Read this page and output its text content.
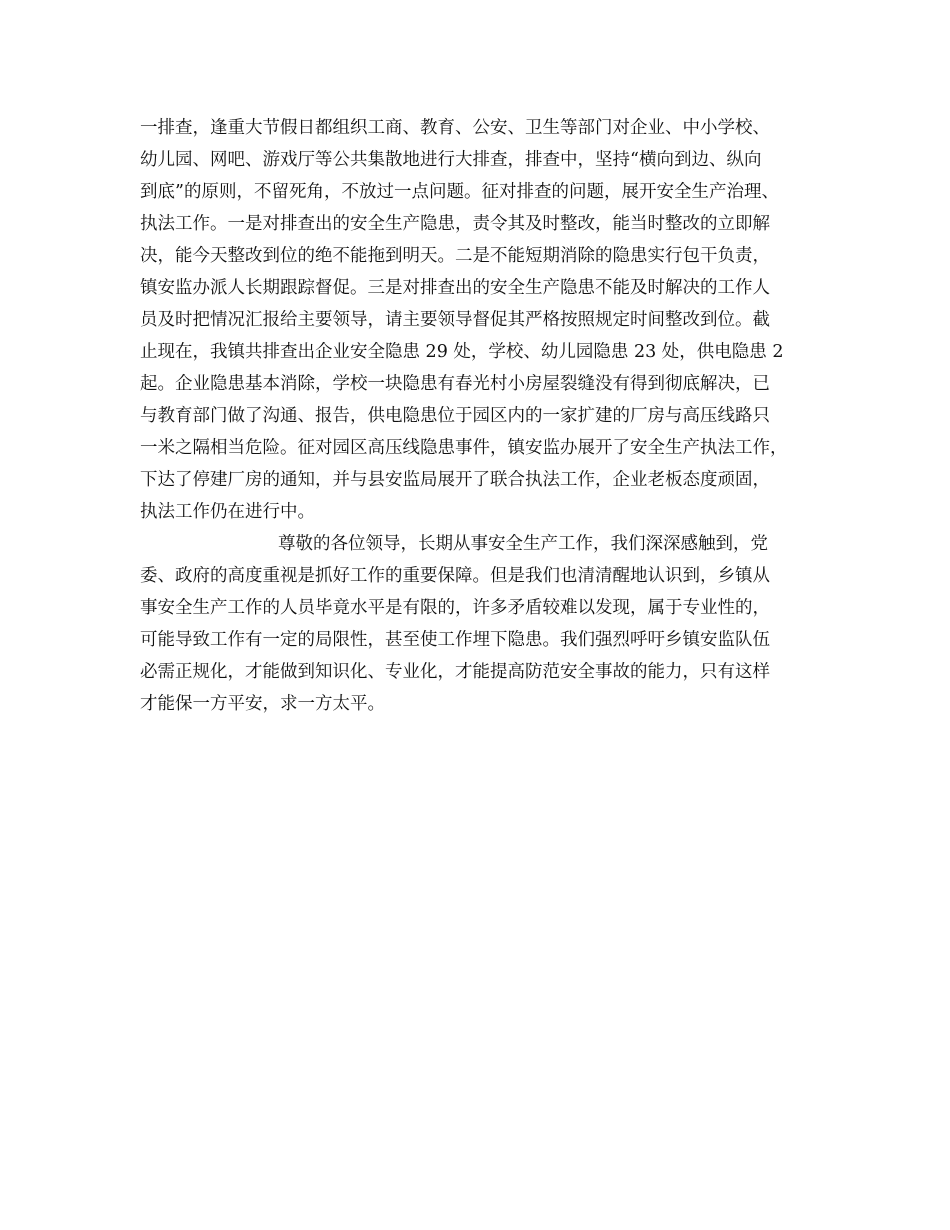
一排查，逢重大节假日都组织工商、教育、公安、卫生等部门对企业、中小学校、
幼儿园、网吧、游戏厅等公共集散地进行大排查，排查中，坚持“横向到边、纵向
到底”的原则，不留死角，不放过一点问题。征对排查的问题，展开安全生产治理、
执法工作。一是对排查出的安全生产隐患，责令其及时整改，能当时整改的立即解
决，能今天整改到位的绝不能拖到明天。二是不能短期消除的隐患实行包干负责，
镇安监办派人长期跟踪督促。三是对排查出的安全生产隐患不能及时解决的工作人
员及时把情况汇报给主要领导，请主要领导督促其严格按照规定时间整改到位。截
止现在，我镇共排查出企业安全隐患 29 处，学校、幼儿园隐患 23 处，供电隐患 2
起。企业隐患基本消除，学校一块隐患有春光村小房屋裂缝没有得到彻底解决，已
与教育部门做了沟通、报告，供电隐患位于园区内的一家扩建的厂房与高压线路只
一米之隔相当危险。征对园区高压线隐患事件，镇安监办展开了安全生产执法工作，
下达了停建厂房的通知，并与县安监局展开了联合执法工作，企业老板态度顽固，
执法工作仍在进行中。
尊敬的各位领导，长期从事安全生产工作，我们深深感触到，党
委、政府的高度重视是抓好工作的重要保障。但是我们也清清醒地认识到，乡镇从
事安全生产工作的人员毕竟水平是有限的，许多矛盾较难以发现，属于专业性的，
可能导致工作有一定的局限性，甚至使工作埋下隐患。我们强烈呼吁乡镇安监队伍
必需正规化，才能做到知识化、专业化，才能提高防范安全事故的能力，只有这样
才能保一方平安，求一方太平。
